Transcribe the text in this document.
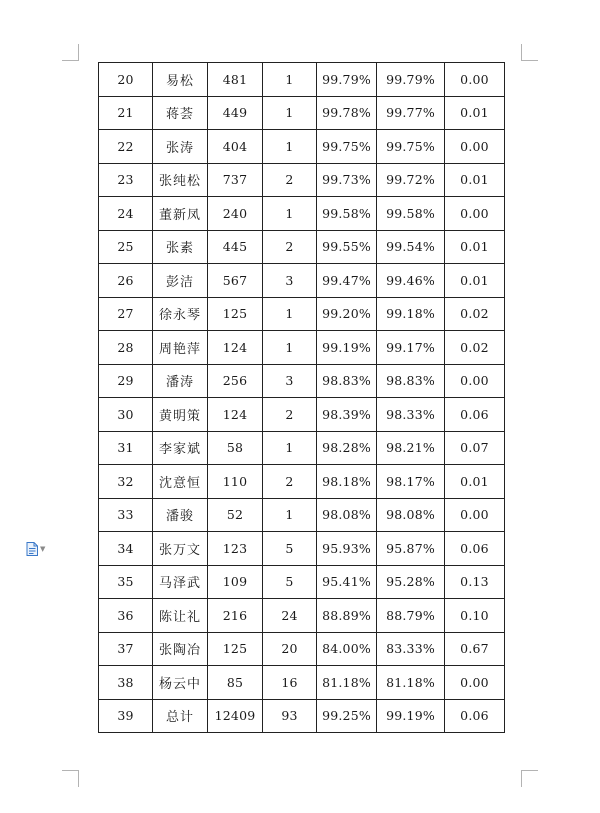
▼
20	易松	481	1	99.79%	99.79%	0.00
21	蒋荟	449	1	99.78%	99.77%	0.01
22	张涛	404	1	99.75%	99.75%	0.00
23	张纯松	737	2	99.73%	99.72%	0.01
24	董新凤	240	1	99.58%	99.58%	0.00
25	张素	445	2	99.55%	99.54%	0.01
26	彭洁	567	3	99.47%	99.46%	0.01
27	徐永琴	125	1	99.20%	99.18%	0.02
28	周艳萍	124	1	99.19%	99.17%	0.02
29	潘涛	256	3	98.83%	98.83%	0.00
30	黄明策	124	2	98.39%	98.33%	0.06
31	李家斌	58	1	98.28%	98.21%	0.07
32	沈意恒	110	2	98.18%	98.17%	0.01
33	潘骏	52	1	98.08%	98.08%	0.00
34	张万文	123	5	95.93%	95.87%	0.06
35	马泽武	109	5	95.41%	95.28%	0.13
36	陈让礼	216	24	88.89%	88.79%	0.10
37	张陶冶	125	20	84.00%	83.33%	0.67
38	杨云中	85	16	81.18%	81.18%	0.00
39	总计	12409	93	99.25%	99.19%	0.06
